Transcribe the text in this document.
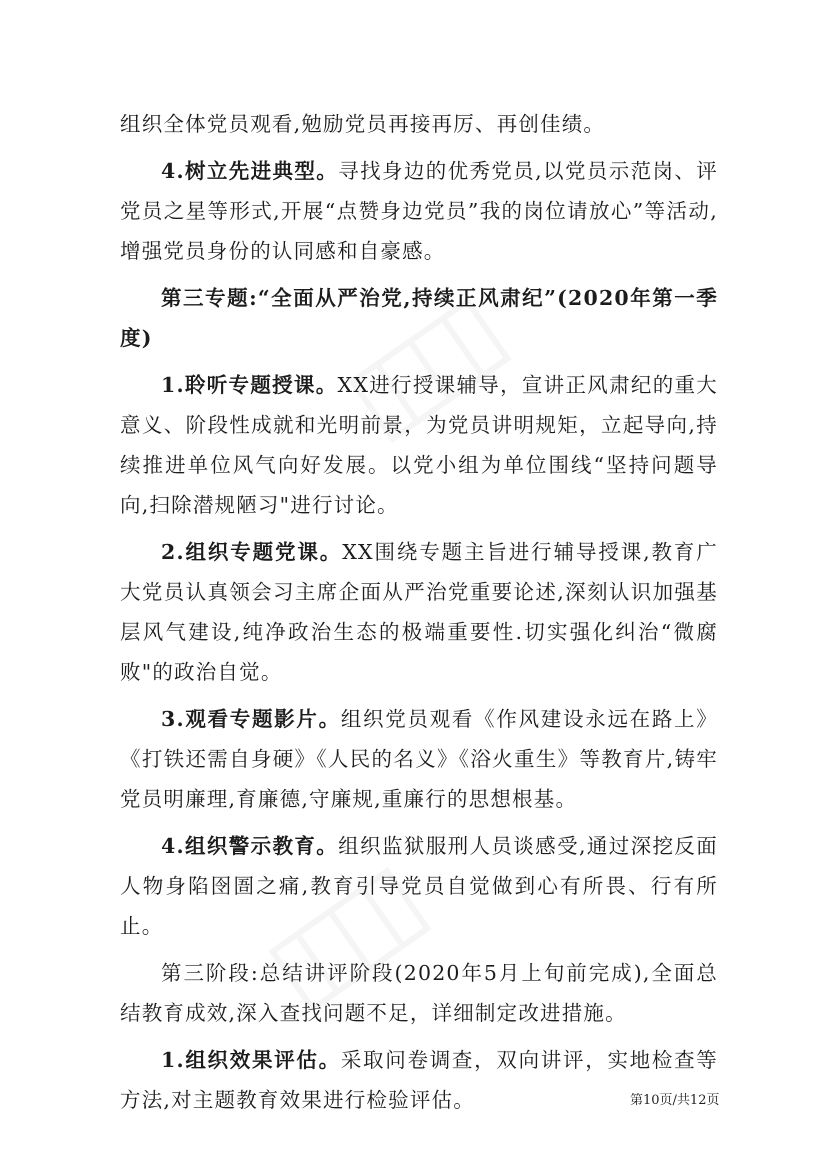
组织全体党员观看,勉励党员再接再厉、再创佳绩。

4.树立先进典型。寻找身边的优秀党员,以党员示范岗、评党员之星等形式,开展“点赞身边党员”我的岗位请放心”等活动,增强党员身份的认同感和自豪感。

第三专题:“全面从严治党,持续正风肃纪”(2020年第一季度)

1.聆听专题授课。XX进行授课辅导，宣讲正风肃纪的重大意义、阶段性成就和光明前景，为党员讲明规矩，立起导向,持续推进单位风气向好发展。以党小组为单位围线“坚持问题导向,扫除潜规陋习"进行讨论。

2.组织专题党课。XX围绕专题主旨进行辅导授课,教育广大党员认真领会习主席企面从严治党重要论述,深刻认识加强基层风气建设,纯净政治生态的极端重要性.切实强化纠治“微腐败"的政治自觉。

3.观看专题影片。组织党员观看《作风建设永远在路上》《打铁还需自身硬》《人民的名义》《浴火重生》等教育片,铸牢党员明廉理,育廉德,守廉规,重廉行的思想根基。

4.组织警示教育。组织监狱服刑人员谈感受,通过深挖反面人物身陷囹圄之痛,教育引导党员自觉做到心有所畏、行有所止。

第三阶段:总结讲评阶段(2020年5月上旬前完成),全面总结教育成效,深入查找问题不足，详细制定改进措施。

1.组织效果评估。采取问卷调查，双向讲评，实地检查等方法,对主题教育效果进行检验评估。	第10页/共12页
